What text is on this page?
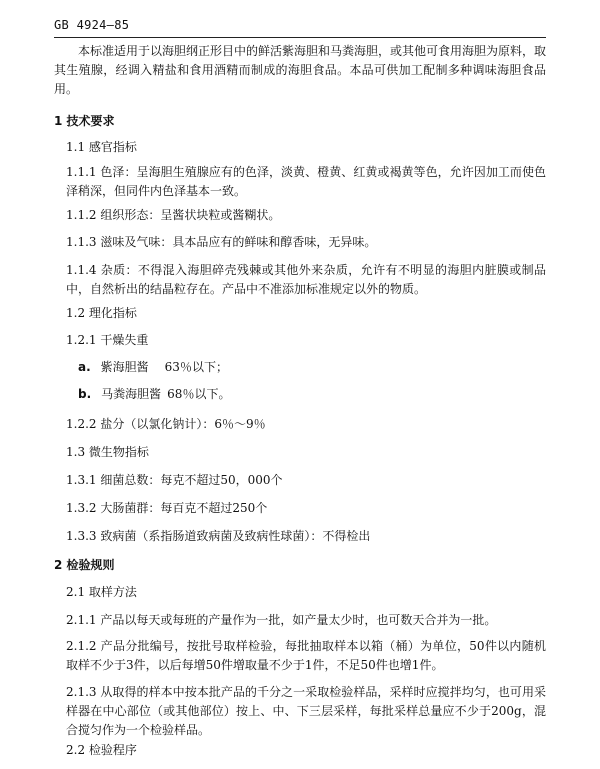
GB 4924—85
本标准适用于以海胆纲正形目中的鲜活紫海胆和马粪海胆，或其他可食用海胆为原料，取其生殖腺，经调入精盐和食用酒精而制成的海胆食品。本品可供加工配制多种调味海胆食品用。
1 技术要求
1.1 感官指标
1.1.1 色泽：呈海胆生殖腺应有的色泽，淡黄、橙黄、红黄或褐黄等色，允许因加工而使色泽稍深，但同件内色泽基本一致。
1.1.2 组织形态：呈酱状块粒或酱糊状。
1.1.3 滋味及气味：具本品应有的鲜味和醇香味，无异味。
1.1.4 杂质：不得混入海胆碎壳残棘或其他外来杂质，允许有不明显的海胆内脏膜或制品中，自然析出的结晶粒存在。产品中不准添加标准规定以外的物质。
1.2 理化指标
1.2.1 干燥失重
a. 紫海胆酱 63％以下；
b. 马粪海胆酱 68％以下。
1.2.2 盐分（以氯化钠计）：6％～9％
1.3 微生物指标
1.3.1 细菌总数：每克不超过50，000个
1.3.2 大肠菌群：每百克不超过250个
1.3.3 致病菌（系指肠道致病菌及致病性球菌）：不得检出
2 检验规则
2.1 取样方法
2.1.1 产品以每天或每班的产量作为一批，如产量太少时，也可数天合并为一批。
2.1.2 产品分批编号，按批号取样检验，每批抽取样本以箱（桶）为单位，50件以内随机取样不少于3件，以后每增50件增取量不少于1件，不足50件也增1件。
2.1.3 从取得的样本中按本批产品的千分之一采取检验样品，采样时应搅拌均匀，也可用采样器在中心部位（或其他部位）按上、中、下三层采样，每批采样总量应不少于200g，混合搅匀作为一个检验样品。
2.2 检验程序
